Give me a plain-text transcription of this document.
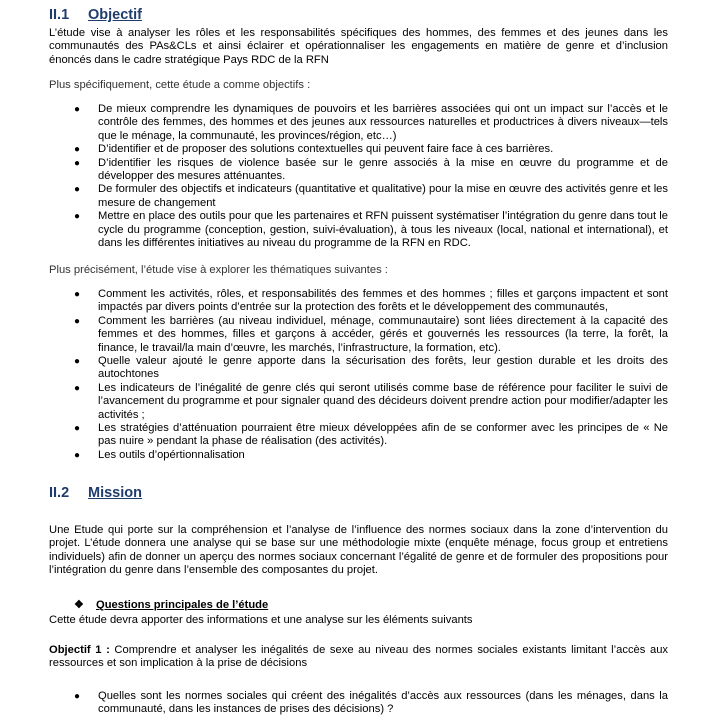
II.1 Objectif
L’étude vise à analyser les rôles et les responsabilités spécifiques des hommes, des femmes et des jeunes dans les communautés des PAs&CLs et ainsi éclairer et opérationnaliser les engagements en matière de genre et d’inclusion énoncés dans le cadre stratégique Pays RDC de la RFN
Plus spécifiquement, cette étude a comme objectifs :
● De mieux comprendre les dynamiques de pouvoirs et les barrières associées qui ont un impact sur l’accès et le contrôle des femmes, des hommes et des jeunes aux ressources naturelles et productrices à divers niveaux—tels que le ménage, la communauté, les provinces/région, etc…)
● D’identifier et de proposer des solutions contextuelles qui peuvent faire face à ces barrières.
● D’identifier les risques de violence basée sur le genre associés à la mise en œuvre du programme et de développer des mesures atténuantes.
● De formuler des objectifs et indicateurs (quantitative et qualitative) pour la mise en œuvre des activités genre et les mesure de changement
● Mettre en place des outils pour que les partenaires et RFN puissent systématiser l’intégration du genre dans tout le cycle du programme (conception, gestion, suivi-évaluation), à tous les niveaux (local, national et international), et dans les différentes initiatives au niveau du programme de la RFN en RDC.
Plus précisément, l’étude vise à explorer les thématiques suivantes :
● Comment les activités, rôles, et responsabilités des femmes et des hommes ; filles et garçons impactent et sont impactés par divers points d’entrée sur la protection des forêts et le développement des communautés,
● Comment les barrières (au niveau individuel, ménage, communautaire) sont liées directement à la capacité des femmes et des hommes, filles et garçons à accéder, gérés et gouvernés les ressources (la terre, la forêt, la finance, le travail/la main d’œuvre, les marchés, l’infrastructure, la formation, etc).
● Quelle valeur ajouté le genre apporte dans la sécurisation des forêts, leur gestion durable et les droits des autochtones
● Les indicateurs de l’inégalité de genre clés qui seront utilisés comme base de référence pour faciliter le suivi de l’avancement du programme et pour signaler quand des décideurs doivent prendre action pour modifier/adapter les activités ;
● Les stratégies d’atténuation pourraient être mieux développées afin de se conformer avec les principes de « Ne pas nuire » pendant la phase de réalisation (des activités).
● Les outils d’opértionnalisation
II.2 Mission
Une Etude qui porte sur la compréhension et l’analyse de l’influence des normes sociaux dans la zone d’intervention du projet. L’étude donnera une analyse qui se base sur une méthodologie mixte (enquête ménage, focus group et entretiens individuels) afin de donner un aperçu des normes sociaux concernant l’égalité de genre et de formuler des propositions pour l’intégration du genre dans l’ensemble des composantes du projet.
❖ Questions principales de l’étude
Cette étude devra apporter des informations et une analyse sur les éléments suivants
Objectif 1 : Comprendre et analyser les inégalités de sexe au niveau des normes sociales existants limitant l’accès aux ressources et son implication à la prise de décisions
● Quelles sont les normes sociales qui créent des inégalités d’accès aux ressources (dans les ménages, dans la communauté, dans les instances de prises des décisions) ?
